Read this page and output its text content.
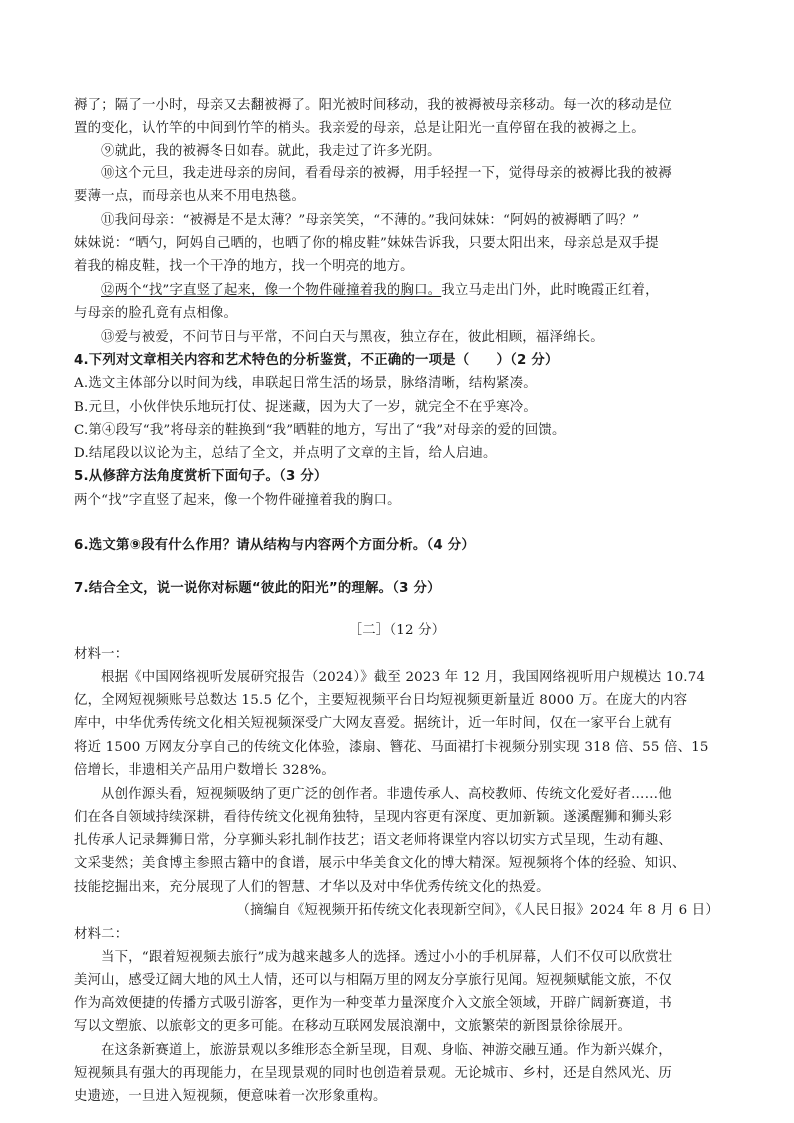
褥了；隔了一小时，母亲又去翻被褥了。阳光被时间移动，我的被褥被母亲移动。每一次的移动是位
置的变化，认竹竿的中间到竹竿的梢头。我亲爱的母亲，总是让阳光一直停留在我的被褥之上。
⑨就此，我的被褥冬日如春。就此，我走过了许多光阴。
⑩这个元旦，我走进母亲的房间，看看母亲的被褥，用手轻捏一下，觉得母亲的被褥比我的被褥
要薄一点，而母亲也从来不用电热毯。
⑪我问母亲：“被褥是不是太薄？”母亲笑笑，“不薄的。”我问妹妹：“阿妈的被褥晒了吗？”
妹妹说：“晒勺，阿妈自己晒的，也晒了你的棉皮鞋”妹妹告诉我，只要太阳出来，母亲总是双手提
着我的棉皮鞋，找一个干净的地方，找一个明亮的地方。
⑫两个“找”字直竖了起来，像一个物件碰撞着我的胸口。我立马走出门外，此时晚霞正红着，
与母亲的脸孔竟有点相像。
⑬爱与被爱，不问节日与平常，不问白天与黑夜，独立存在，彼此相顾，福泽绵长。
4.下列对文章相关内容和艺术特色的分析鉴赏，不正确的一项是（　　）（2 分）
A.选文主体部分以时间为线，串联起日常生活的场景，脉络清晰，结构紧凑。
B.元旦，小伙伴快乐地玩打仗、捉迷藏，因为大了一岁，就完全不在乎寒冷。
C.第④段写“我”将母亲的鞋换到“我”晒鞋的地方，写出了“我”对母亲的爱的回馈。
D.结尾段以议论为主，总结了全文，并点明了文章的主旨，给人启迪。
5.从修辞方法角度赏析下面句子。（3 分）
两个“找”字直竖了起来，像一个物件碰撞着我的胸口。
6.选文第⑨段有什么作用？请从结构与内容两个方面分析。（4 分）
7.结合全文，说一说你对标题“彼此的阳光”的理解。（3 分）
［二］（12 分）
材料一：
根据《中国网络视听发展研究报告（2024）》截至 2023 年 12 月，我国网络视听用户规模达 10.74
亿，全网短视频账号总数达 15.5 亿个，主要短视频平台日均短视频更新量近 8000 万。在庞大的内容
库中，中华优秀传统文化相关短视频深受广大网友喜爱。据统计，近一年时间，仅在一家平台上就有
将近 1500 万网友分享自己的传统文化体验，漆扇、簪花、马面裙打卡视频分别实现 318 倍、55 倍、15
倍增长，非遗相关产品用户数增长 328%。
从创作源头看，短视频吸纳了更广泛的创作者。非遗传承人、高校教师、传统文化爱好者……他
们在各自领域持续深耕，看待传统文化视角独特，呈现内容更有深度、更加新颖。遂溪醒狮和狮头彩
扎传承人记录舞狮日常，分享狮头彩扎制作技艺；语文老师将课堂内容以切实方式呈现，生动有趣、
文采斐然；美食博主参照古籍中的食谱，展示中华美食文化的博大精深。短视频将个体的经验、知识、
技能挖掘出来，充分展现了人们的智慧、才华以及对中华优秀传统文化的热爱。
（摘编自《短视频开拓传统文化表现新空间》，《人民日报》2024 年 8 月 6 日）
材料二：
当下，“跟着短视频去旅行”成为越来越多人的选择。透过小小的手机屏幕，人们不仅可以欣赏壮
美河山，感受辽阔大地的风土人情，还可以与相隔万里的网友分享旅行见闻。短视频赋能文旅，不仅
作为高效便捷的传播方式吸引游客，更作为一种变革力量深度介入文旅全领域，开辟广阔新赛道，书
写以文塑旅、以旅彰文的更多可能。在移动互联网发展浪潮中，文旅繁荣的新图景徐徐展开。
在这条新赛道上，旅游景观以多维形态全新呈现，目观、身临、神游交融互通。作为新兴媒介，
短视频具有强大的再现能力，在呈现景观的同时也创造着景观。无论城市、乡村，还是自然风光、历
史遗迹，一旦进入短视频，便意味着一次形象重构。
